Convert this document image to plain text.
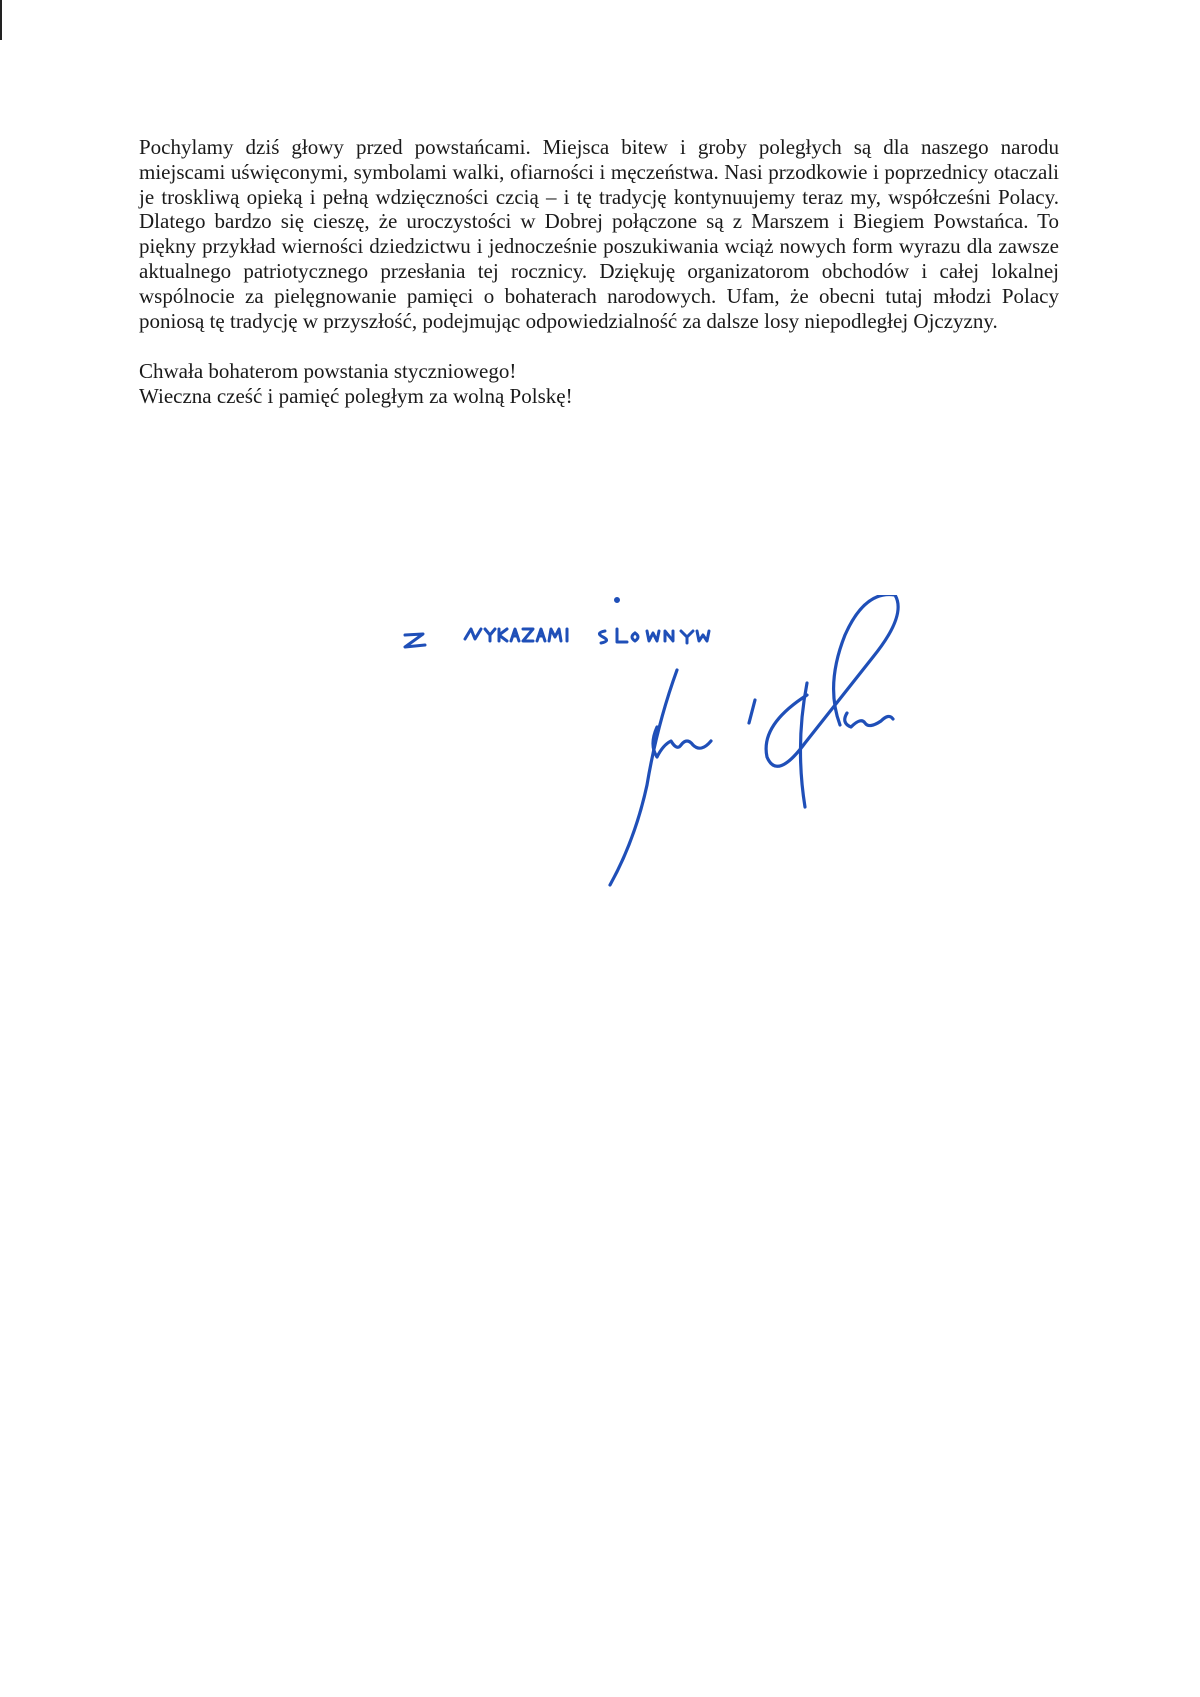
Pochylamy dziś głowy przed powstańcami. Miejsca bitew i groby poległych są dla naszego narodu miejscami uświęconymi, symbolami walki, ofiarności i męczeństwa. Nasi przodkowie i poprzednicy otaczali je troskliwą opieką i pełną wdzięczności czcią – i tę tradycję kontynuujemy teraz my, współcześni Polacy. Dlatego bardzo się cieszę, że uroczystości w Dobrej połączone są z Marszem i Biegiem Powstańca. To piękny przykład wierności dziedzictwu i jednocześnie poszukiwania wciąż nowych form wyrazu dla zawsze aktualnego patriotycznego przesłania tej rocznicy. Dziękuję organizatorom obchodów i całej lokalnej wspólnocie za pielęgnowanie pamięci o bohaterach narodowych. Ufam, że obecni tutaj młodzi Polacy poniosą tę tradycję w przyszłość, podejmując odpowiedzialność za dalsze losy niepodległej Ojczyzny.

Chwała bohaterom powstania styczniowego!
Wieczna cześć i pamięć poległym za wolną Polskę!
